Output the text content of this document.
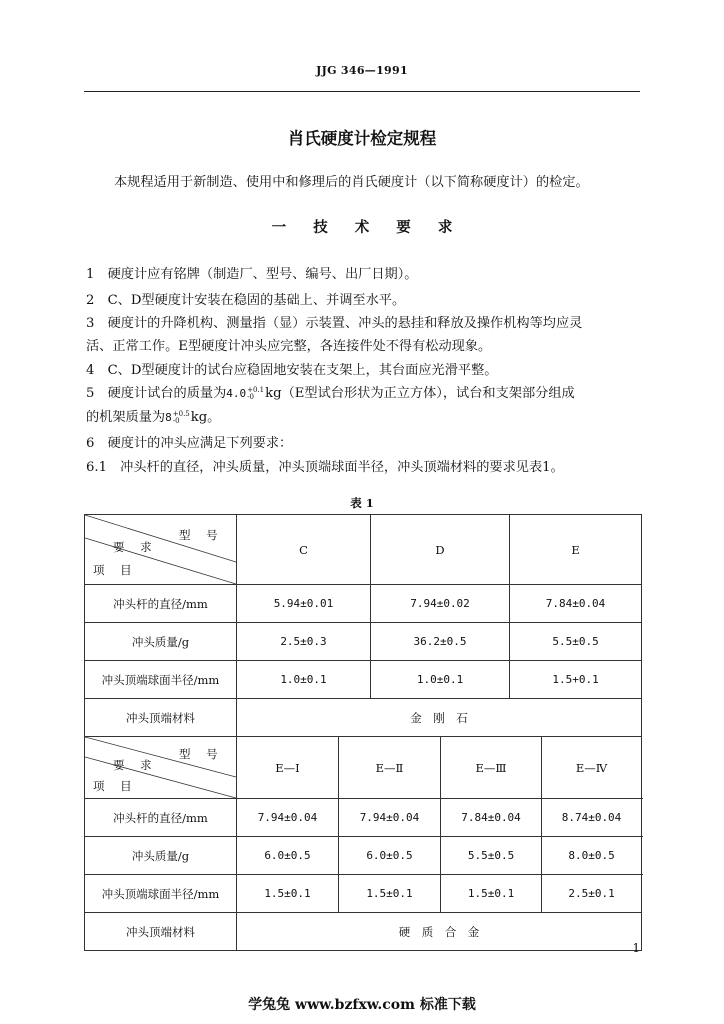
JJG 346—1991
肖氏硬度计检定规程
本规程适用于新制造、使用中和修理后的肖氏硬度计（以下简称硬度计）的检定。
一 技 术 要 求
1　硬度计应有铭牌（制造厂、型号、编号、出厂日期）。
2　C、D型硬度计安装在稳固的基础上、并调至水平。
3　硬度计的升降机构、测量指（显）示装置、冲头的悬挂和释放及操作机构等均应灵
活、正常工作。E型硬度计冲头应完整，各连接件处不得有松动现象。
4　C、D型硬度计的试台应稳固地安装在支架上，其台面应光滑平整。
5　硬度计试台的质量为4.0+0.1
-0 kg（E型试台形状为正立方体），试台和支架部分组成
的机架质量为8+0.5
-0 kg。
6　硬度计的冲头应满足下列要求：
6.1　冲头杆的直径，冲头质量，冲头顶端球面半径，冲头顶端材料的要求见表1。
表 1
型 号
要 求
项 目	C		D		E	
冲头杆的直径/mm	5.94±0.01		7.94±0.02		7.84±0.04	
冲头质量/g	2.5±0.3		36.2±0.5		5.5±0.5	
冲头顶端球面半径/mm	1.0±0.1		1.0±0.1		1.5+0.1	
冲头顶端材料	金　刚　石					

型 号
要 求
项 目	E—Ⅰ	E—Ⅱ		E—Ⅲ		E—Ⅳ
冲头杆的直径/mm	7.94±0.04	7.94±0.04		7.84±0.04		8.74±0.04
冲头质量/g	6.0±0.5	6.0±0.5		5.5±0.5		8.0±0.5
冲头顶端球面半径/mm	1.5±0.1	1.5±0.1		1.5±0.1		2.5±0.1
冲头顶端材料	硬　质　合　金					
1
学兔兔 www.bzfxw.com 标准下载
